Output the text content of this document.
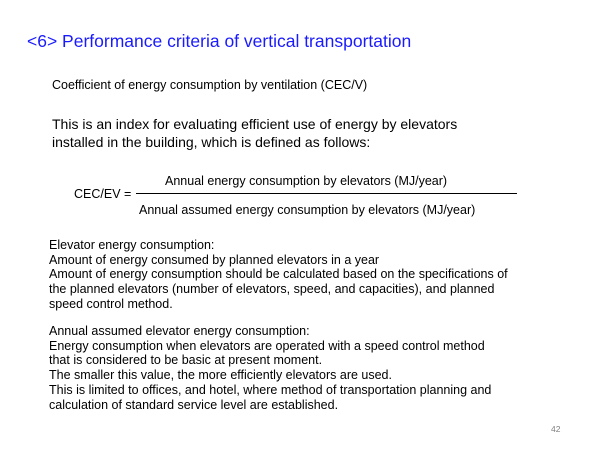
<6> Performance criteria of vertical transportation
Coefficient of energy consumption by ventilation (CEC/V)
This is an index for evaluating efficient use of energy by elevators
installed in the building, which is defined as follows:
CEC/EV =
Annual energy consumption by elevators (MJ/year)
Annual assumed energy consumption by elevators (MJ/year)
Elevator energy consumption:
Amount of energy consumed by planned elevators in a year
Amount of energy consumption should be calculated based on the specifications of
the planned elevators (number of elevators, speed, and capacities), and planned
speed control method.
Annual assumed elevator energy consumption:
Energy consumption when elevators are operated with a speed control method
that is considered to be basic at present moment.
The smaller this value, the more efficiently elevators are used.
This is limited to offices, and hotel, where method of transportation planning and
calculation of standard service level are established.
42
